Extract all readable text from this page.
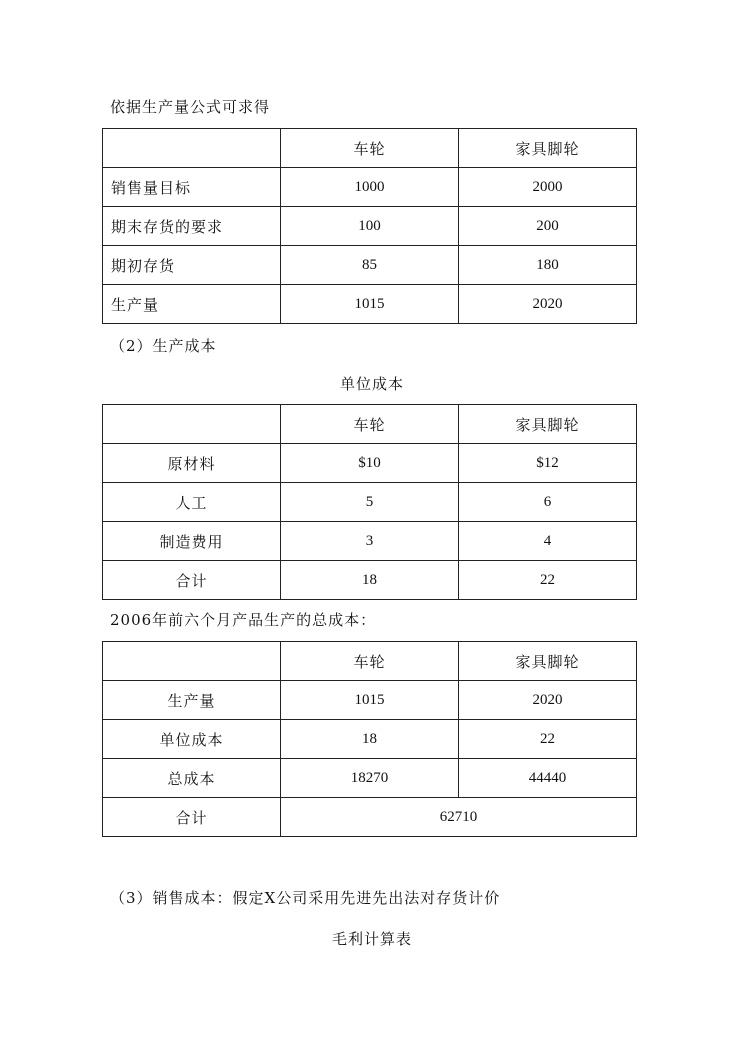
依据生产量公式可求得
	车轮	家具脚轮
销售量目标	1000	2000
期末存货的要求	100	200
期初存货	85	180
生产量	1015	2020
（2）生产成本
单位成本
	车轮	家具脚轮
原材料	$10	$12
人工	5	6
制造费用	3	4
合计	18	22
2006年前六个月产品生产的总成本：
	车轮	家具脚轮
生产量	1015	2020
单位成本	18	22
总成本	18270	44440
合计	62710	
（3）销售成本：假定X公司采用先进先出法对存货计价
毛利计算表
